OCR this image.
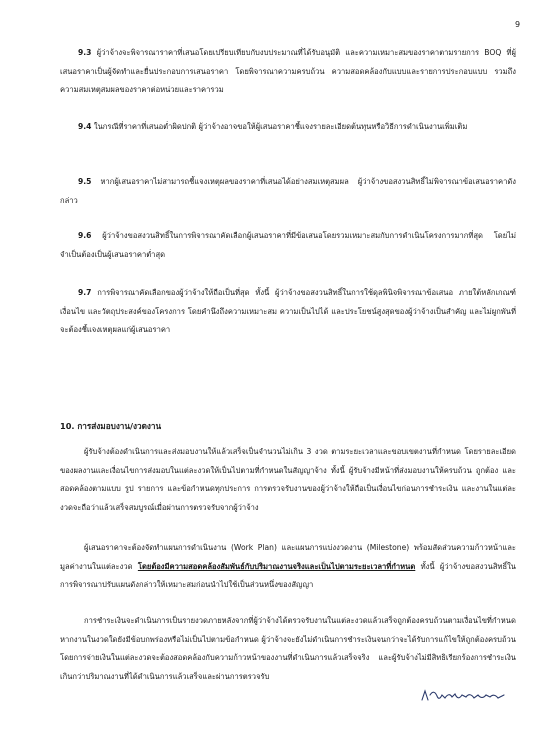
9
9.3 ผู้ว่าจ้างจะพิจารณาราคาที่เสนอโดยเปรียบเทียบกับงบประมาณที่ได้รับอนุมัติ และความเหมาะสมของราคาตามรายการ BOQ ที่ผู้เสนอราคาเป็นผู้จัดทำและยื่นประกอบการเสนอราคา โดยพิจารณาความครบถ้วน ความสอดคล้องกับแบบและรายการประกอบแบบ รวมถึงความสมเหตุสมผลของราคาต่อหน่วยและราคารวม
9.4 ในกรณีที่ราคาที่เสนอต่ำผิดปกติ ผู้ว่าจ้างอาจขอให้ผู้เสนอราคาชี้แจงรายละเอียดต้นทุนหรือวิธีการดำเนินงานเพิ่มเติม
9.5 หากผู้เสนอราคาไม่สามารถชี้แจงเหตุผลของราคาที่เสนอได้อย่างสมเหตุสมผล ผู้ว่าจ้างขอสงวนสิทธิ์ไม่พิจารณาข้อเสนอราคาดังกล่าว
9.6 ผู้ว่าจ้างขอสงวนสิทธิ์ในการพิจารณาคัดเลือกผู้เสนอราคาที่มีข้อเสนอโดยรวมเหมาะสมกับการดำเนินโครงการมากที่สุด โดยไม่จำเป็นต้องเป็นผู้เสนอราคาต่ำสุด
9.7 การพิจารณาคัดเลือกของผู้ว่าจ้างให้ถือเป็นที่สุด ทั้งนี้ ผู้ว่าจ้างขอสงวนสิทธิ์ในการใช้ดุลพินิจพิจารณาข้อเสนอ ภายใต้หลักเกณฑ์ เงื่อนไข และวัตถุประสงค์ของโครงการ โดยคำนึงถึงความเหมาะสม ความเป็นไปได้ และประโยชน์สูงสุดของผู้ว่าจ้างเป็นสำคัญ และไม่ผูกพันที่จะต้องชี้แจงเหตุผลแก่ผู้เสนอราคา
10. การส่งมอบงาน/งวดงาน
ผู้รับจ้างต้องดำเนินการและส่งมอบงานให้แล้วเสร็จเป็นจำนวนไม่เกิน 3 งวด ตามระยะเวลาและขอบเขตงานที่กำหนด โดยรายละเอียดของผลงานและเงื่อนไขการส่งมอบในแต่ละงวดให้เป็นไปตามที่กำหนดในสัญญาจ้าง ทั้งนี้ ผู้รับจ้างมีหน้าที่ส่งมอบงานให้ครบถ้วน ถูกต้อง และสอดคล้องตามแบบ รูป รายการ และข้อกำหนดทุกประการ การตรวจรับงานของผู้ว่าจ้างให้ถือเป็นเงื่อนไขก่อนการชำระเงิน และงานในแต่ละงวดจะถือว่าแล้วเสร็จสมบูรณ์เมื่อผ่านการตรวจรับจากผู้ว่าจ้าง
ผู้เสนอราคาจะต้องจัดทำแผนการดำเนินงาน (Work Plan) และแผนการแบ่งงวดงาน (Milestone) พร้อมสัดส่วนความก้าวหน้าและมูลค่างานในแต่ละงวด โดยต้องมีความสอดคล้องสัมพันธ์กับปริมาณงานจริงและเป็นไปตามระยะเวลาที่กำหนด ทั้งนี้ ผู้ว่าจ้างขอสงวนสิทธิ์ในการพิจารณาปรับแผนดังกล่าวให้เหมาะสมก่อนนำไปใช้เป็นส่วนหนึ่งของสัญญา
การชำระเงินจะดำเนินการเป็นรายงวดภายหลังจากที่ผู้ว่าจ้างได้ตรวจรับงานในแต่ละงวดแล้วเสร็จถูกต้องครบถ้วนตามเงื่อนไขที่กำหนด หากงานในงวดใดยังมีข้อบกพร่องหรือไม่เป็นไปตามข้อกำหนด ผู้ว่าจ้างจะยังไม่ดำเนินการชำระเงินจนกว่าจะได้รับการแก้ไขให้ถูกต้องครบถ้วน โดยการจ่ายเงินในแต่ละงวดจะต้องสอดคล้องกับความก้าวหน้าของงานที่ดำเนินการแล้วเสร็จจริง และผู้รับจ้างไม่มีสิทธิเรียกร้องการชำระเงินเกินกว่าปริมาณงานที่ได้ดำเนินการแล้วเสร็จและผ่านการตรวจรับ
